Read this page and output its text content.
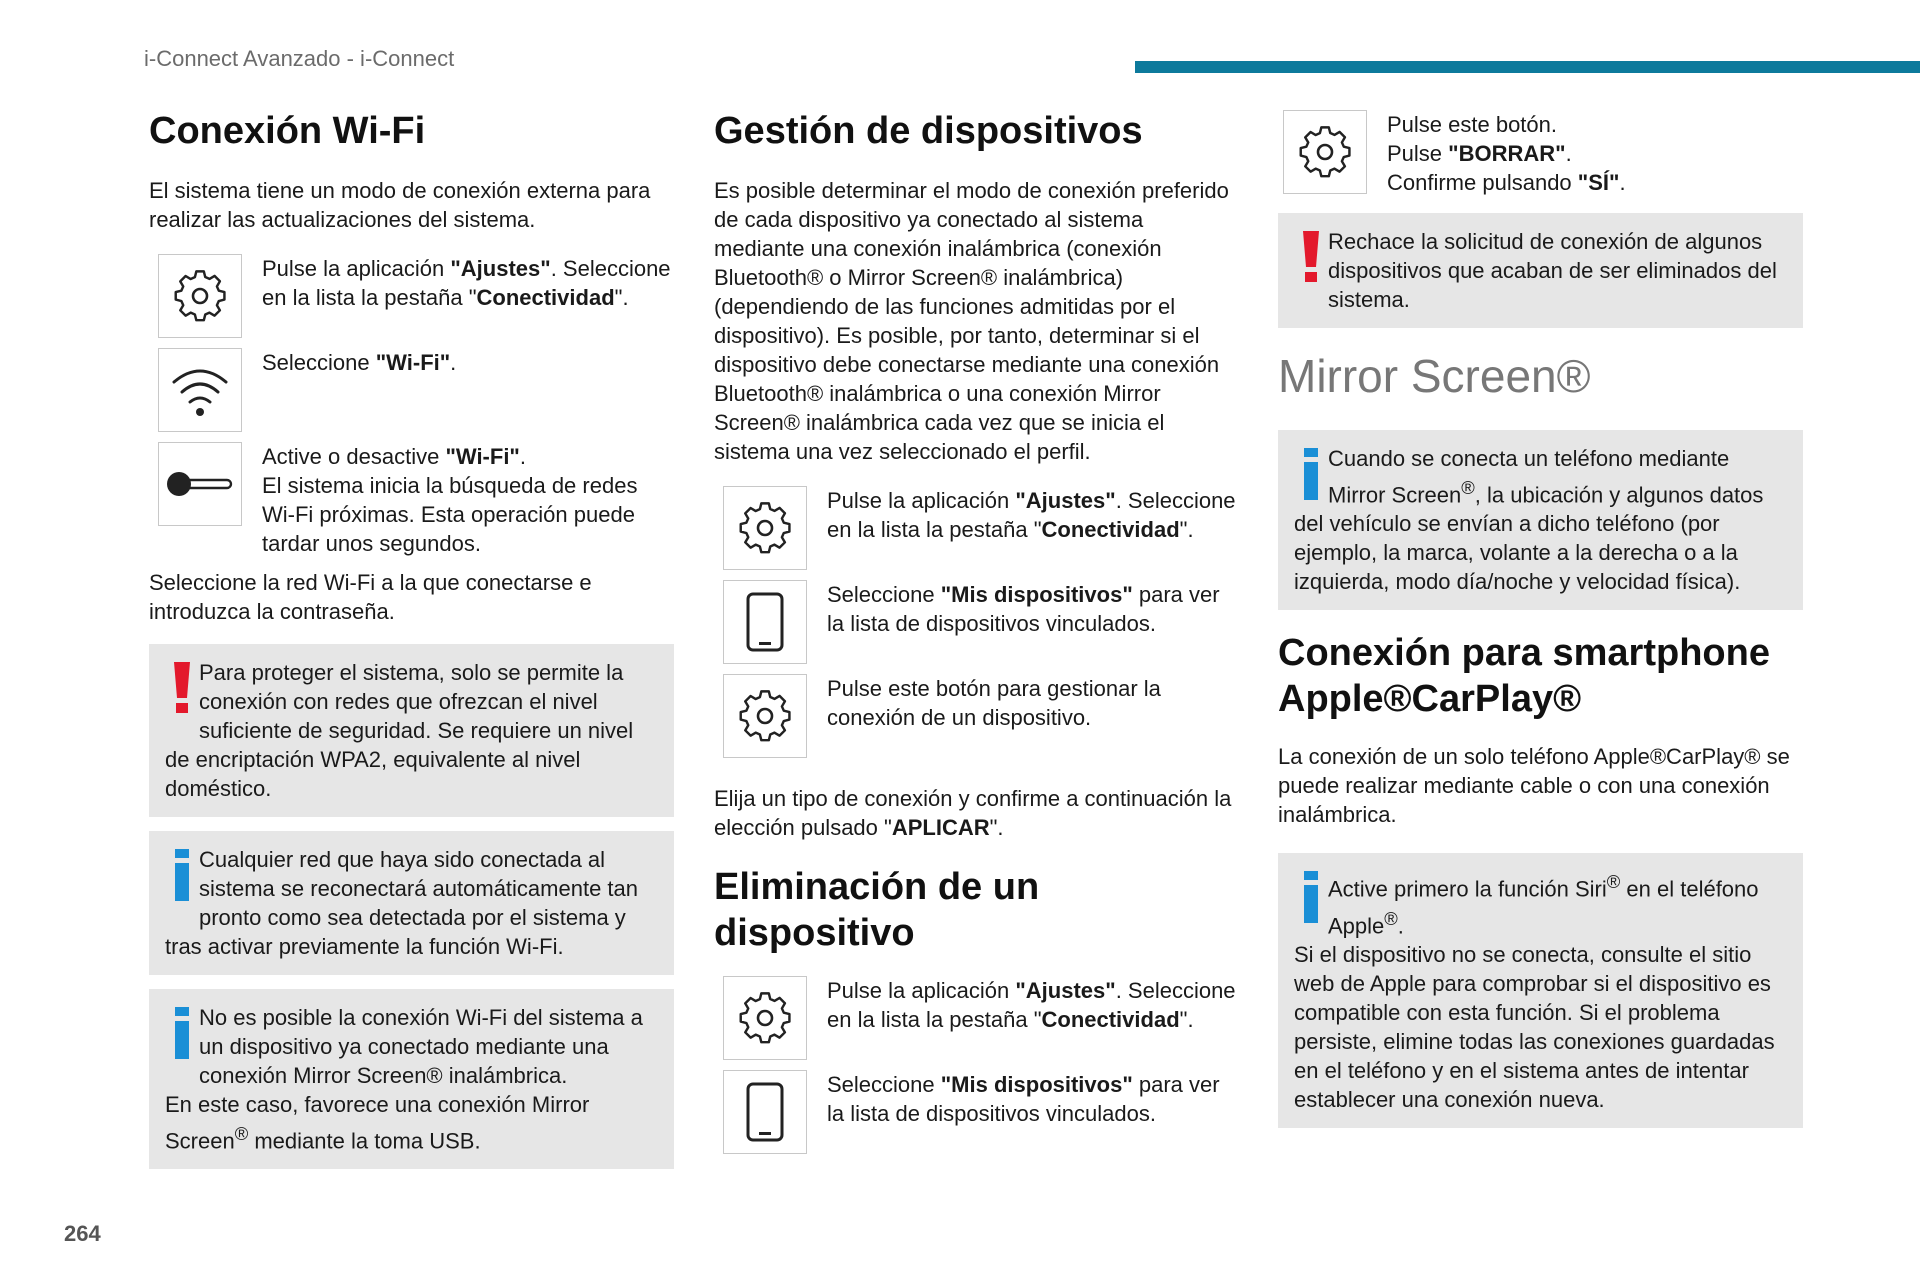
i-Connect Avanzado - i-Connect
Conexión Wi-Fi

El sistema tiene un modo de conexión externa para realizar las actualizaciones del sistema.

Pulse la aplicación "Ajustes". Seleccione en la lista la pestaña "Conectividad".
Seleccione "Wi-Fi".
Active o desactive "Wi-Fi".
El sistema inicia la búsqueda de redes Wi-Fi próximas. Esta operación puede tardar unos segundos.

Seleccione la red Wi-Fi a la que conectarse e introduzca la contraseña.

Para proteger el sistema, solo se permite la conexión con redes que ofrezcan el nivel suficiente de seguridad. Se requiere un nivel de encriptación WPA2, equivalente al nivel doméstico.
Cualquier red que haya sido conectada al sistema se reconectará automáticamente tan pronto como sea detectada por el sistema y tras activar previamente la función Wi-Fi.
No es posible la conexión Wi-Fi del sistema a un dispositivo ya conectado mediante una conexión Mirror Screen® inalámbrica.
En este caso, favorece una conexión Mirror Screen® mediante la toma USB.
Gestión de dispositivos

Es posible determinar el modo de conexión preferido de cada dispositivo ya conectado al sistema mediante una conexión inalámbrica (conexión Bluetooth® o Mirror Screen® inalámbrica) (dependiendo de las funciones admitidas por el dispositivo). Es posible, por tanto, determinar si el dispositivo debe conectarse mediante una conexión Bluetooth® inalámbrica o una conexión Mirror Screen® inalámbrica cada vez que se inicia el sistema una vez seleccionado el perfil.

Pulse la aplicación "Ajustes". Seleccione en la lista la pestaña "Conectividad".
Seleccione "Mis dispositivos" para ver la lista de dispositivos vinculados.
Pulse este botón para gestionar la conexión de un dispositivo.

Elija un tipo de conexión y confirme a continuación la elección pulsado "APLICAR".

Eliminación de un dispositivo
Pulse la aplicación "Ajustes". Seleccione en la lista la pestaña "Conectividad".
Seleccione "Mis dispositivos" para ver la lista de dispositivos vinculados.
Pulse este botón.
Pulse "BORRAR".
Confirme pulsando "SÍ".
Rechace la solicitud de conexión de algunos dispositivos que acaban de ser eliminados del sistema.
Mirror Screen®
Cuando se conecta un teléfono mediante Mirror Screen®, la ubicación y algunos datos del vehículo se envían a dicho teléfono (por ejemplo, la marca, volante a la derecha o a la izquierda, modo día/noche y velocidad física).
Conexión para smartphone Apple®CarPlay®

La conexión de un solo teléfono Apple®CarPlay® se puede realizar mediante cable o con una conexión inalámbrica.

Active primero la función Siri® en el teléfono Apple®.
Si el dispositivo no se conecta, consulte el sitio web de Apple para comprobar si el dispositivo es compatible con esta función. Si el problema persiste, elimine todas las conexiones guardadas en el teléfono y en el sistema antes de intentar establecer una conexión nueva.
264
